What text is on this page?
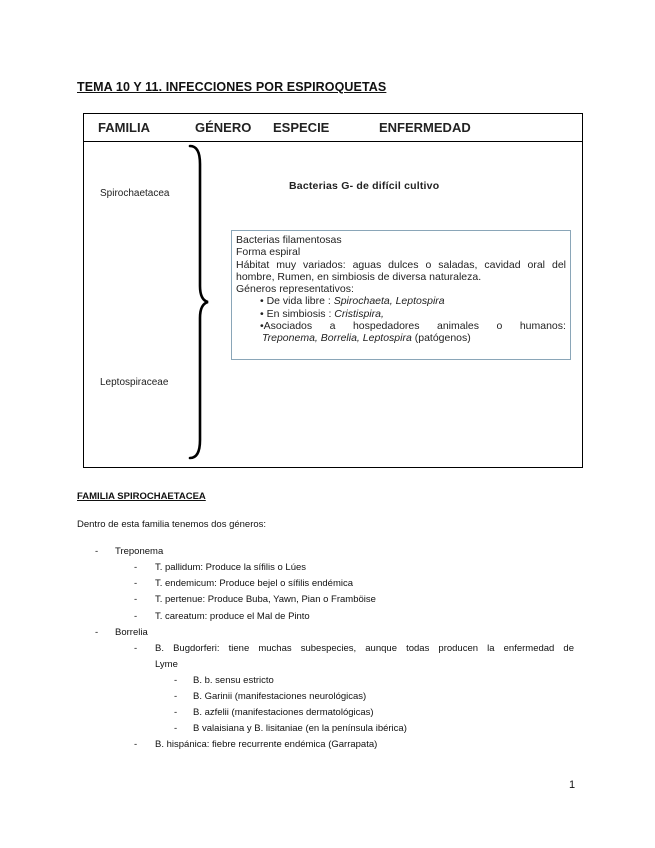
TEMA 10 Y 11. INFECCIONES POR ESPIROQUETAS
FAMILIA	GÉNERO ESPECIE	ENFERMEDAD
Spirochaetacea
Leptospiraceae
Bacterias G- de difícil cultivo
Bacterias filamentosas
Forma espiral
Hábitat muy variados: aguas dulces o saladas, cavidad oral del hombre, Rumen, en simbiosis de diversa naturaleza.
Géneros representativos:
• De vida libre : Spirochaeta, Leptospira
• En simbiosis : Cristispira,
•Asociados a hospedadores animales o humanos:
Treponema, Borrelia, Leptospira (patógenos)
FAMILIA SPIROCHAETACEA
Dentro de esta familia tenemos dos géneros:
- Treponema
- T. pallidum: Produce la sífilis o Lúes
- T. endemicum: Produce bejel o sífilis endémica
- T. pertenue: Produce Buba, Yawn, Pian o Framböise
- T. careatum: produce el Mal de Pinto
- Borrelia
- B. Bugdorferi: tiene muchas subespecies, aunque todas producen la enfermedad de
Lyme
- B. b. sensu estricto
- B. Garinii (manifestaciones neurológicas)
- B. azfelii (manifestaciones dermatológicas)
- B valaisiana y B. lisitaniae (en la península ibérica)
- B. hispánica: fiebre recurrente endémica (Garrapata)
1
